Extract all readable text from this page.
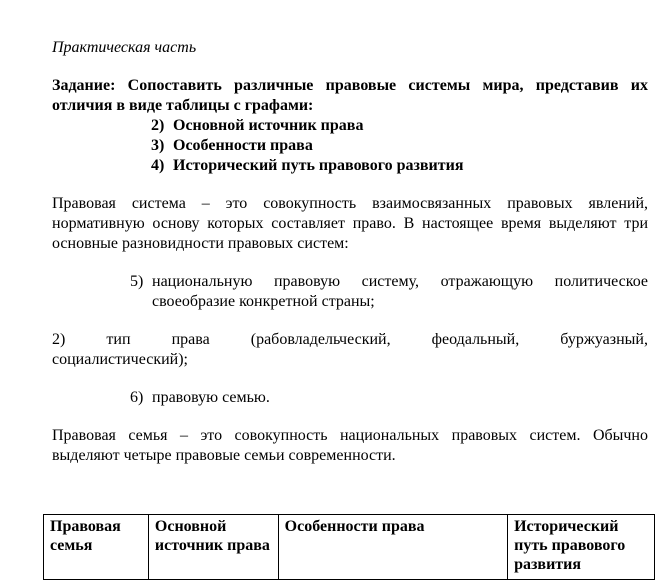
Практическая часть

Задание: Сопоставить различные правовые системы мира, представив их отличия в виде таблицы с графами:

2) Основной источник права
3) Особенности права
4) Исторический путь правового развития

Правовая система – это совокупность взаимосвязанных правовых явлений, нормативную основу которых составляет право. В настоящее время выделяют три основные разновидности правовых систем:

5) национальную правовую систему, отражающую политическое своеобразие конкретной страны;
2)	тип	права	(рабовладельческий,	феодальный,	буржуазный,
социалистический);
6) правовую семью.

Правовая семья – это совокупность национальных правовых систем. Обычно выделяют четыре правовые семьи современности.

Правовая семья	Основной источник права	Особенности права	Исторический путь правового развития
